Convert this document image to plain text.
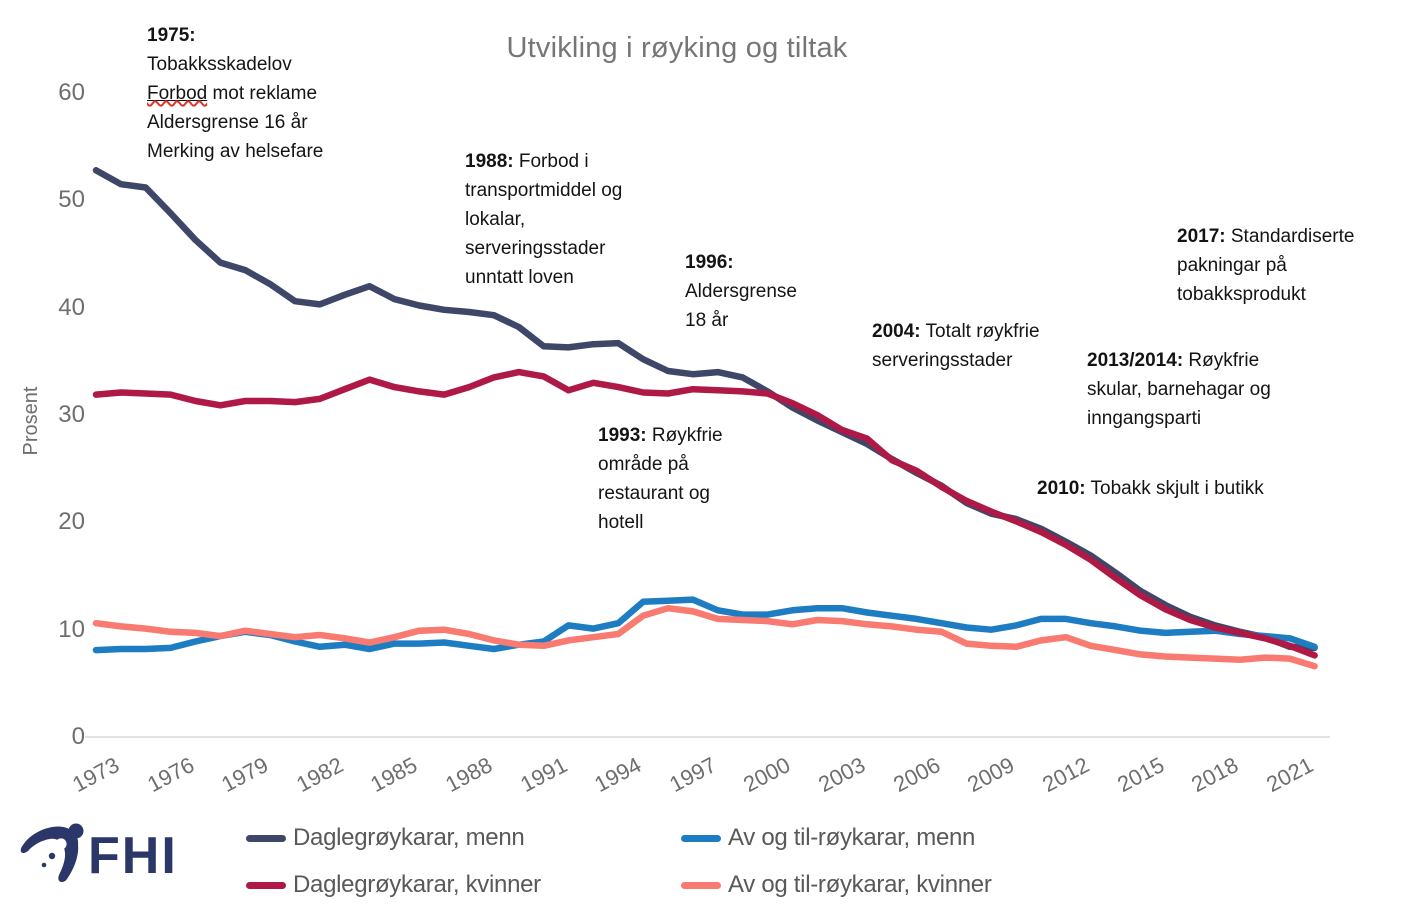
Utvikling i røyking og tiltak
Prosent
0
10
20
30
40
50
60
1973 1976 1979 1982 1985 1988 1991 1994 1997 2000 2003 2006 2009 2012 2015 2018 2021
1975:
Tobakksskadelov
Forbod mot reklame
Aldersgrense 16 år
Merking av helsefare	1988: Forbod i
transportmiddel og
lokalar,
serveringsstader
unntatt loven
1996:
Aldersgrense
18 år
1993: Røykfrie
område på
restaurant og
hotell
2004: Totalt røykfrie
serveringsstader
2017: Standardiserte
pakningar på
tobakksprodukt
2013/2014: Røykfrie
skular, barnehagar og
inngangsparti
2010: Tobakk skjult i butikk
Daglegrøykarar, menn	Av og til-røykarar, menn
Daglegrøykarar, kvinner	Av og til-røykarar, kvinner
FHI
